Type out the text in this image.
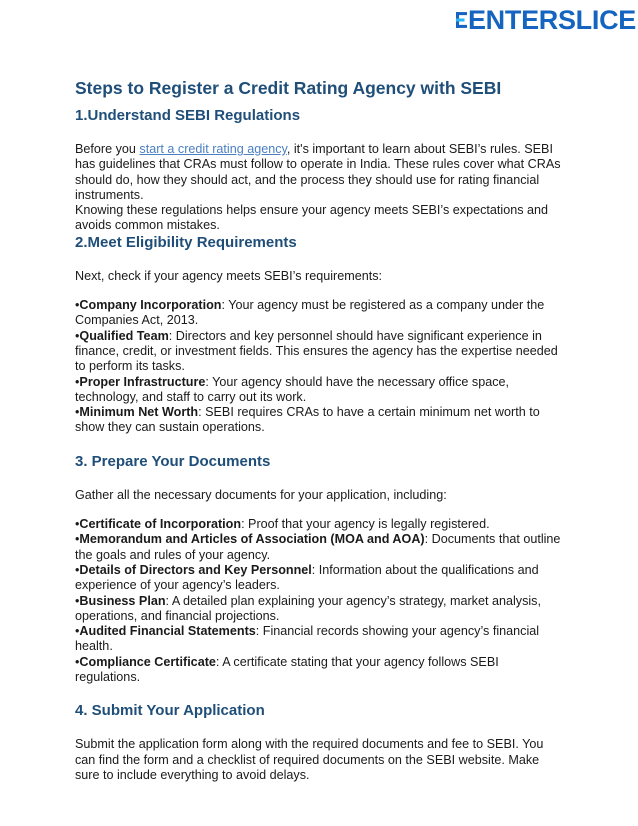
ENTERSLICE
Steps to Register a Credit Rating Agency with SEBI
1.Understand SEBI Regulations

Before you start a credit rating agency, it's important to learn about SEBI’s rules. SEBI has guidelines that CRAs must follow to operate in India. These rules cover what CRAs should do, how they should act, and the process they should use for rating financial instruments.

Knowing these regulations helps ensure your agency meets SEBI’s expectations and avoids common mistakes.

2.Meet Eligibility Requirements

Next, check if your agency meets SEBI’s requirements:

•Company Incorporation: Your agency must be registered as a company under the Companies Act, 2013.

•Qualified Team: Directors and key personnel should have significant experience in finance, credit, or investment fields. This ensures the agency has the expertise needed to perform its tasks.

•Proper Infrastructure: Your agency should have the necessary office space, technology, and staff to carry out its work.

•Minimum Net Worth: SEBI requires CRAs to have a certain minimum net worth to show they can sustain operations.

3. Prepare Your Documents

Gather all the necessary documents for your application, including:

•Certificate of Incorporation: Proof that your agency is legally registered.

•Memorandum and Articles of Association (MOA and AOA): Documents that outline the goals and rules of your agency.

•Details of Directors and Key Personnel: Information about the qualifications and experience of your agency’s leaders.

•Business Plan: A detailed plan explaining your agency’s strategy, market analysis, operations, and financial projections.

•Audited Financial Statements: Financial records showing your agency’s financial health.

•Compliance Certificate: A certificate stating that your agency follows SEBI regulations.

4. Submit Your Application

Submit the application form along with the required documents and fee to SEBI. You can find the form and a checklist of required documents on the SEBI website. Make sure to include everything to avoid delays.
